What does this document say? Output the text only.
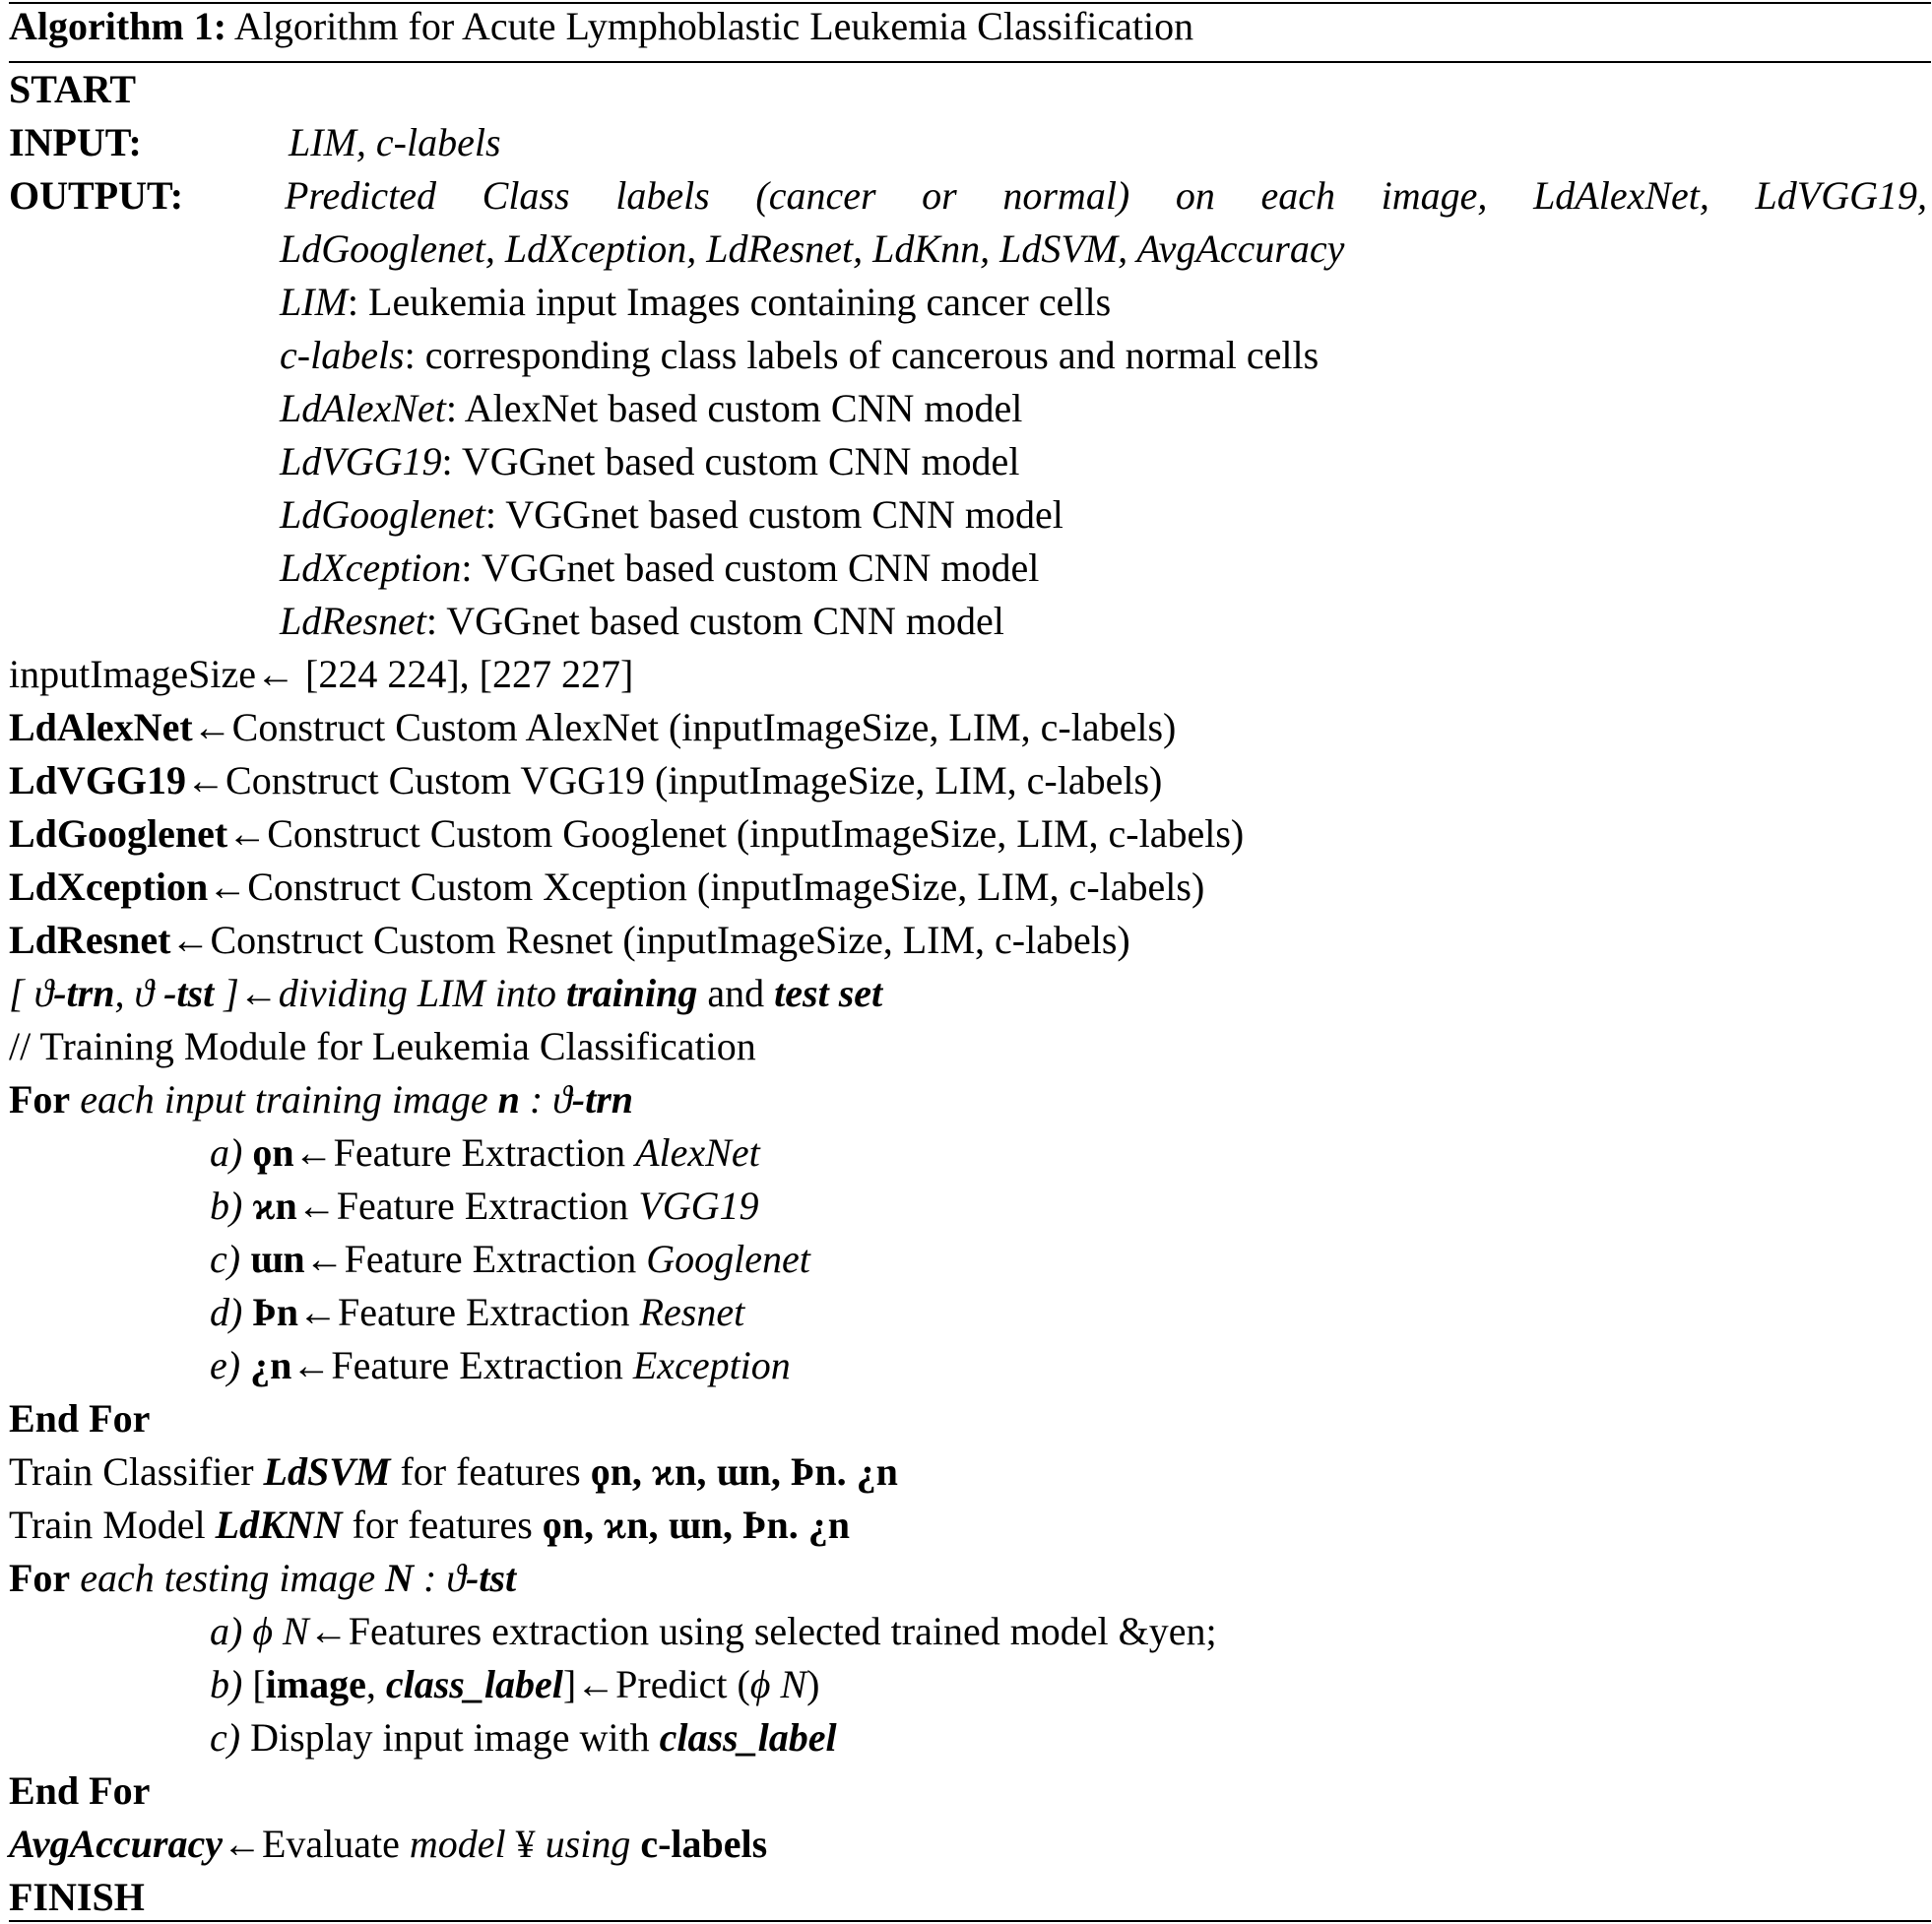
Algorithm 1: Algorithm for Acute Lymphoblastic Leukemia Classification
START
INPUT:	LIM, c-labels
OUTPUT:	Predicted Class labels (cancer or normal) on each image, LdAlexNet, LdVGG19,
LdGooglenet, LdXception, LdResnet, LdKnn, LdSVM, AvgAccuracy
LIM: Leukemia input Images containing cancer cells
c-labels: corresponding class labels of cancerous and normal cells
LdAlexNet: AlexNet based custom CNN model
LdVGG19: VGGnet based custom CNN model
LdGooglenet: VGGnet based custom CNN model
LdXception: VGGnet based custom CNN model
LdResnet: VGGnet based custom CNN model
inputImageSize← [224 224], [227 227]
LdAlexNet←Construct Custom AlexNet (inputImageSize, LIM, c-labels)
LdVGG19←Construct Custom VGG19 (inputImageSize, LIM, c-labels)
LdGooglenet←Construct Custom Googlenet (inputImageSize, LIM, c-labels)
LdXception←Construct Custom Xception (inputImageSize, LIM, c-labels)
LdResnet←Construct Custom Resnet (inputImageSize, LIM, c-labels)
[ ϑ-trn, ϑ -tst ]←dividing LIM into training and test set
// Training Module for Leukemia Classification
For each input training image n : ϑ-trn
a) ϙn←Feature Extraction AlexNet
b) ϰn←Feature Extraction VGG19
c) ɯn←Feature Extraction Googlenet
d) Þn←Feature Extraction Resnet
e) ¿n←Feature Extraction Exception
End For
Train Classifier LdSVM for features ϙn, ϰn, ɯn, Þn. ¿n
Train Model LdKNN for features ϙn, ϰn, ɯn, Þn. ¿n
For each testing image N : ϑ-tst
a) ϕ N←Features extraction using selected trained model &yen;
b) [image, class_label]←Predict (ϕ N)
c) Display input image with class_label
End For
AvgAccuracy←Evaluate model ¥ using c-labels
FINISH
